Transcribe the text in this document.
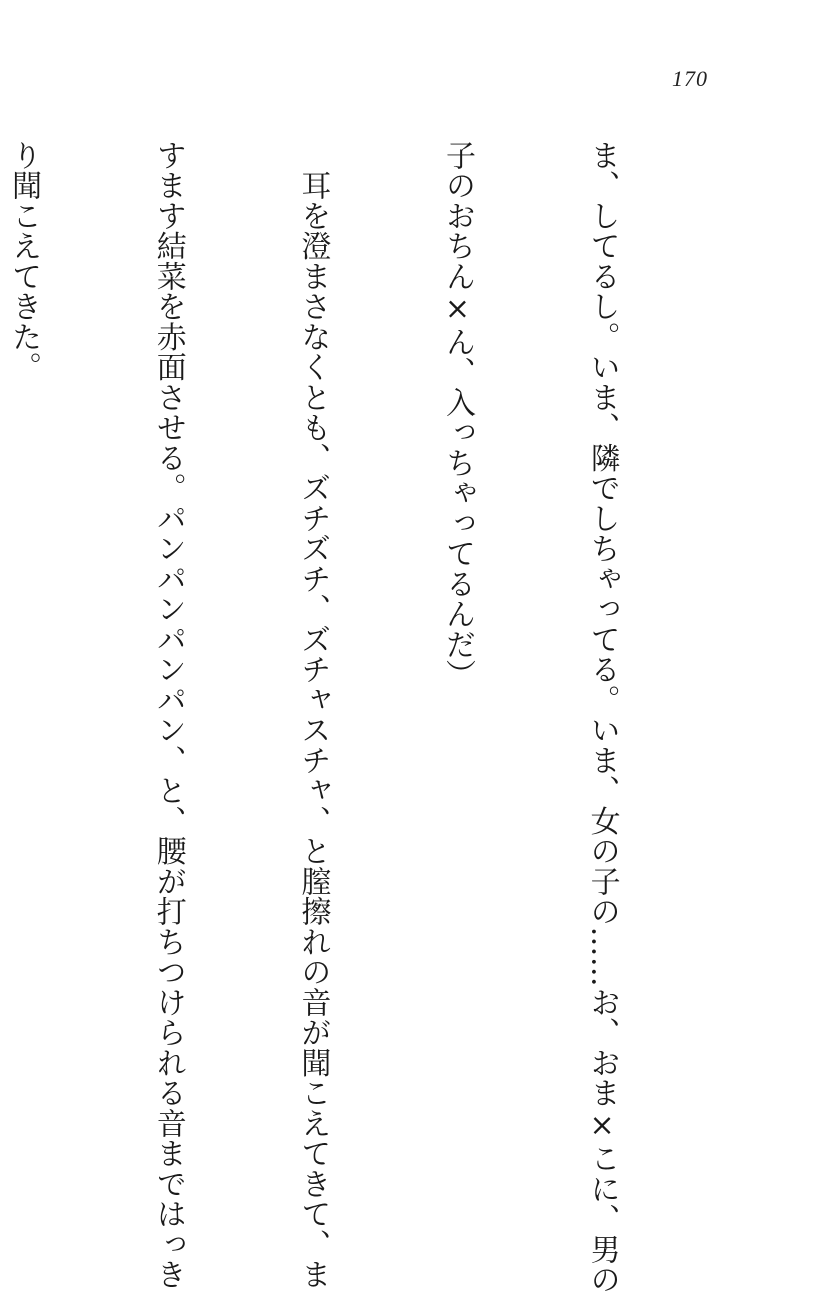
170

ま、してるし。いま、隣でしちゃってる。いま、女の子の……お、おま×こに、男の

子のおちん×ん、入っちゃってるんだ）

　耳を澄まさなくとも、ズチズチ、ズチャスチャ、と膣擦れの音が聞こえてきて、ま

すます結菜を赤面させる。パンパンパンパン、と、腰が打ちつけられる音まではっき

り聞こえてきた。
